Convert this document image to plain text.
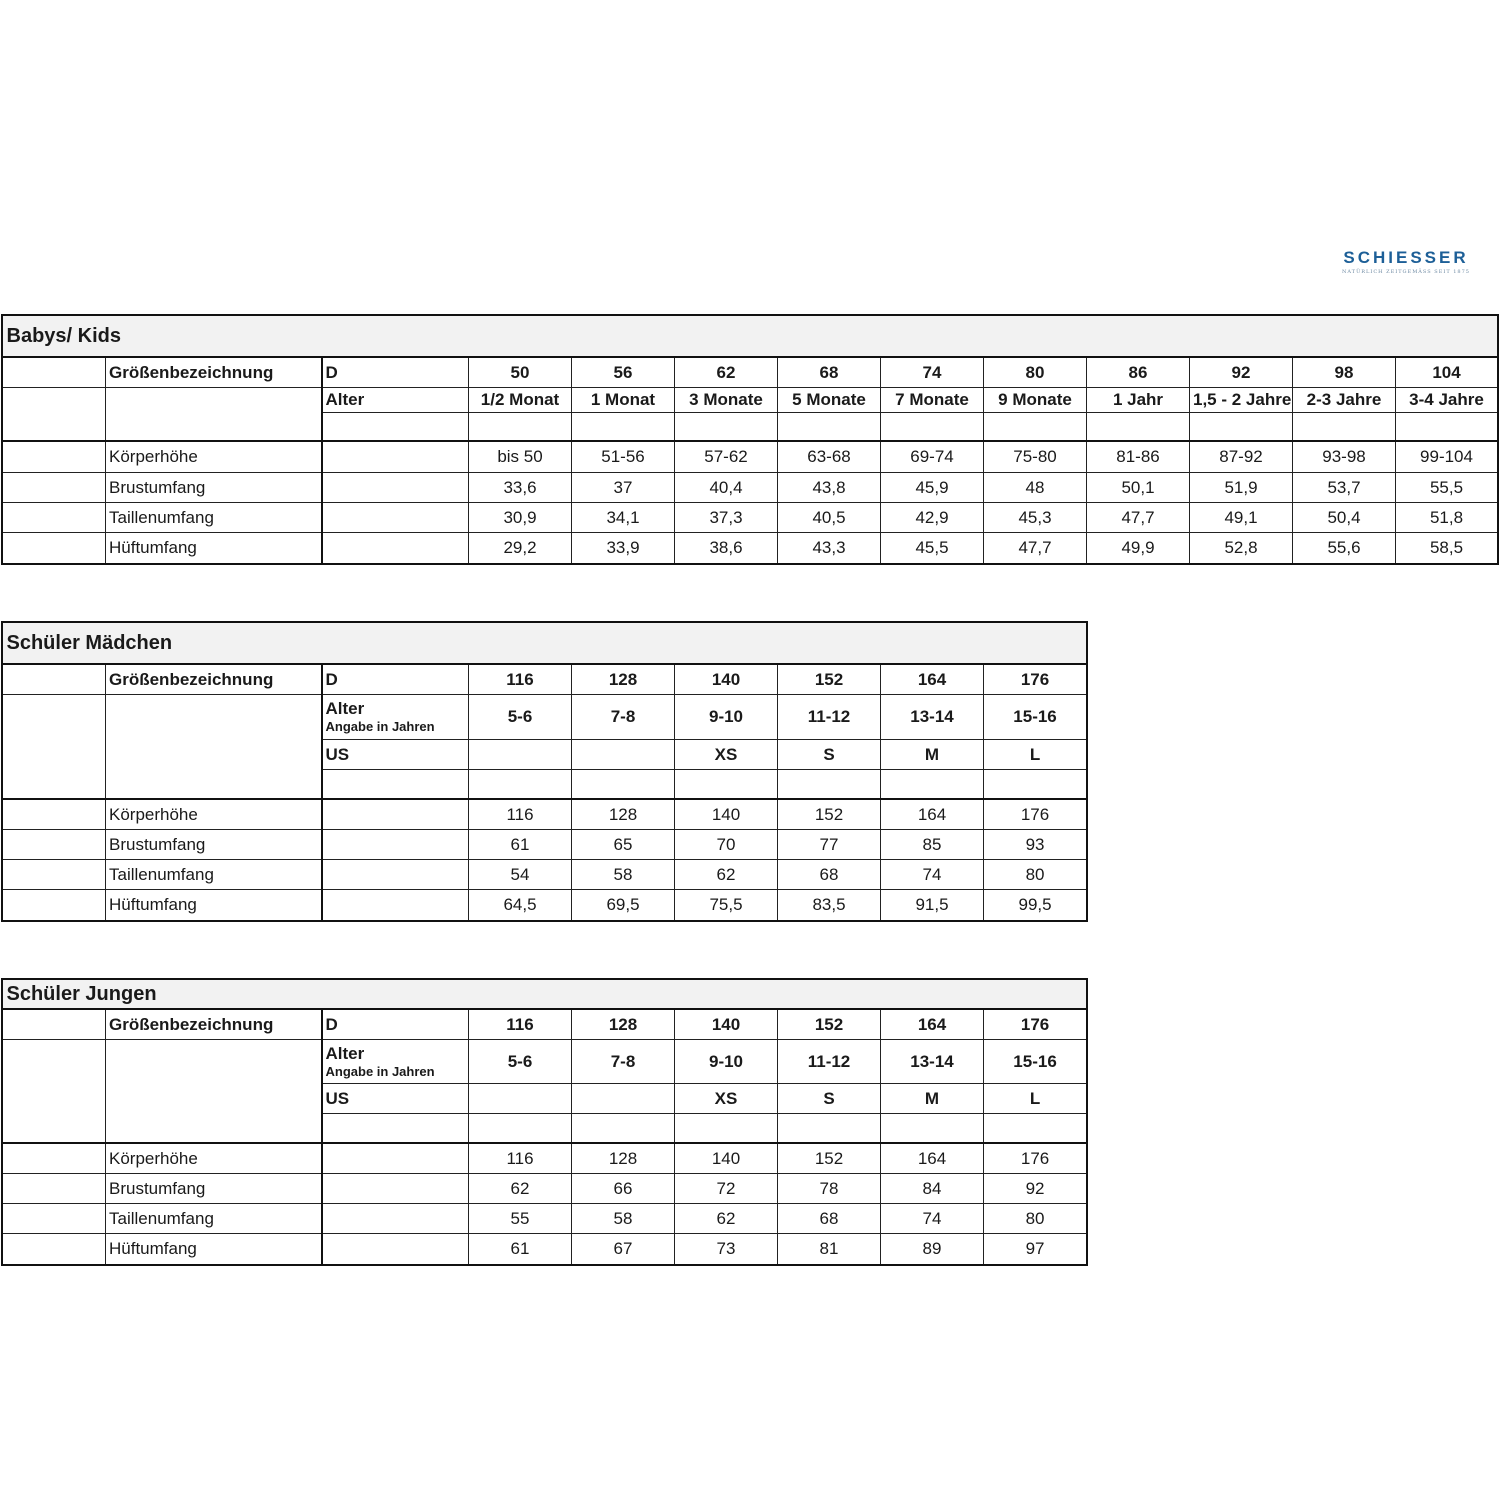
SCHIESSER
NATÜRLICH ZEITGEMÄSS SEIT 1875
Babys/ Kids												
	Größenbezeichnung	D	50	56	62	68	74	80	86	92	98	104
		Alter	1/2 Monat	1 Monat	3 Monate	5 Monate	7 Monate	9 Monate	1 Jahr	1,5 - 2 Jahre	2-3 Jahre	3-4 Jahre

	Körperhöhe		bis 50	51-56	57-62	63-68	69-74	75-80	81-86	87-92	93-98	99-104
	Brustumfang		33,6	37	40,4	43,8	45,9	48	50,1	51,9	53,7	55,5
	Taillenumfang		30,9	34,1	37,3	40,5	42,9	45,3	47,7	49,1	50,4	51,8
	Hüftumfang		29,2	33,9	38,6	43,3	45,5	47,7	49,9	52,8	55,6	58,5
Schüler Mädchen								
	Größenbezeichnung	D	116	128	140	152	164	176
		Alter
Angabe in Jahren	5-6	7-8	9-10	11-12	13-14	15-16
		US			XS	S	M	L

	Körperhöhe		116	128	140	152	164	176
	Brustumfang		61	65	70	77	85	93
	Taillenumfang		54	58	62	68	74	80
	Hüftumfang		64,5	69,5	75,5	83,5	91,5	99,5
Schüler Jungen								
	Größenbezeichnung	D	116	128	140	152	164	176
		Alter
Angabe in Jahren	5-6	7-8	9-10	11-12	13-14	15-16
		US			XS	S	M	L

	Körperhöhe		116	128	140	152	164	176
	Brustumfang		62	66	72	78	84	92
	Taillenumfang		55	58	62	68	74	80
	Hüftumfang		61	67	73	81	89	97
